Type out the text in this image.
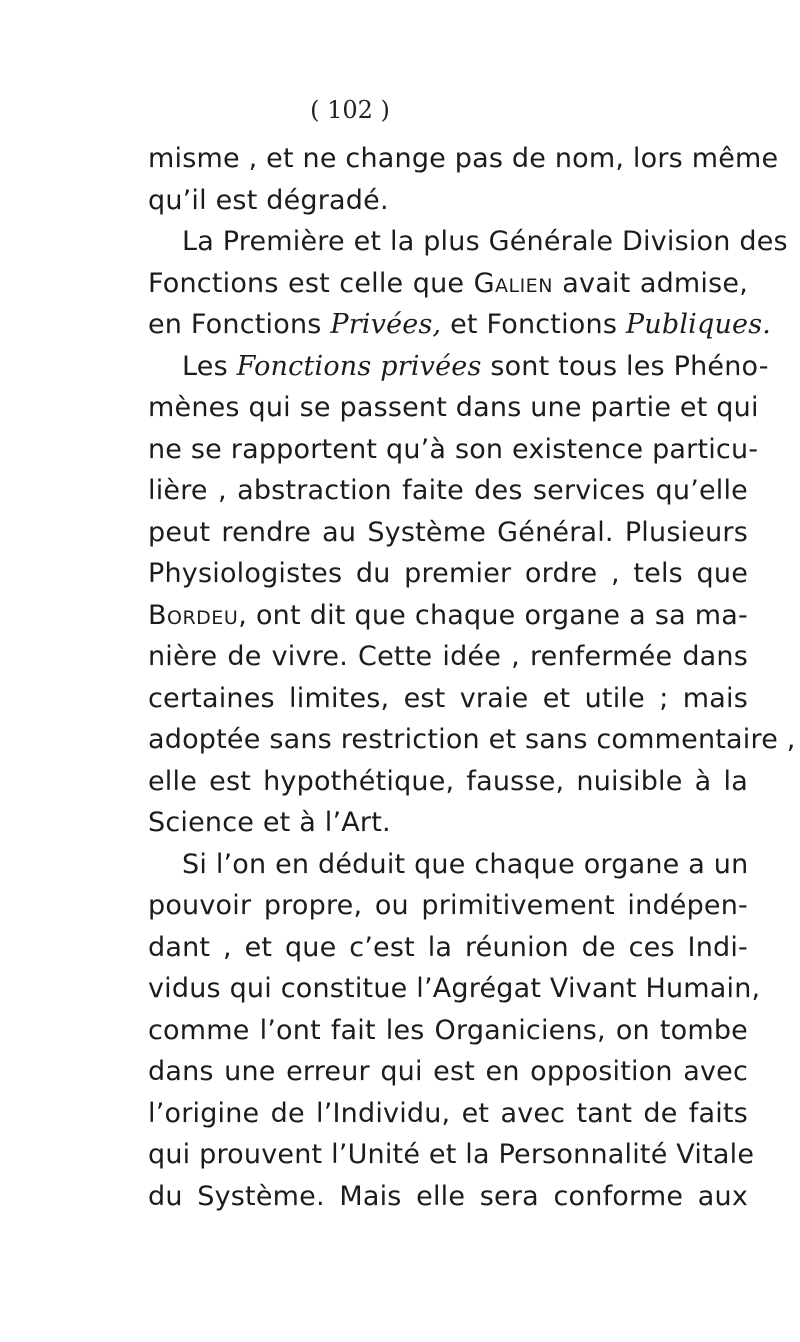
( 102 )
misme , et ne change pas de nom, lors même
qu’il est dégradé.
La Première et la plus Générale Division des
Fonctions est celle que Galien avait admise,
en Fonctions Privées, et Fonctions Publiques.
Les Fonctions privées sont tous les Phéno-
mènes qui se passent dans une partie et qui
ne se rapportent qu’à son existence particu-
lière , abstraction faite des services qu’elle
peut rendre au Système Général. Plusieurs
Physiologistes du premier ordre , tels que
Bordeu, ont dit que chaque organe a sa ma-
nière de vivre. Cette idée , renfermée dans
certaines limites, est vraie et utile ; mais
adoptée sans restriction et sans commentaire ,
elle est hypothétique, fausse, nuisible à la
Science et à l’Art.
Si l’on en déduit que chaque organe a un
pouvoir propre, ou primitivement indépen-
dant , et que c’est la réunion de ces Indi-
vidus qui constitue l’Agrégat Vivant Humain,
comme l’ont fait les Organiciens, on tombe
dans une erreur qui est en opposition avec
l’origine de l’Individu, et avec tant de faits
qui prouvent l’Unité et la Personnalité Vitale
du Système. Mais elle sera conforme aux
